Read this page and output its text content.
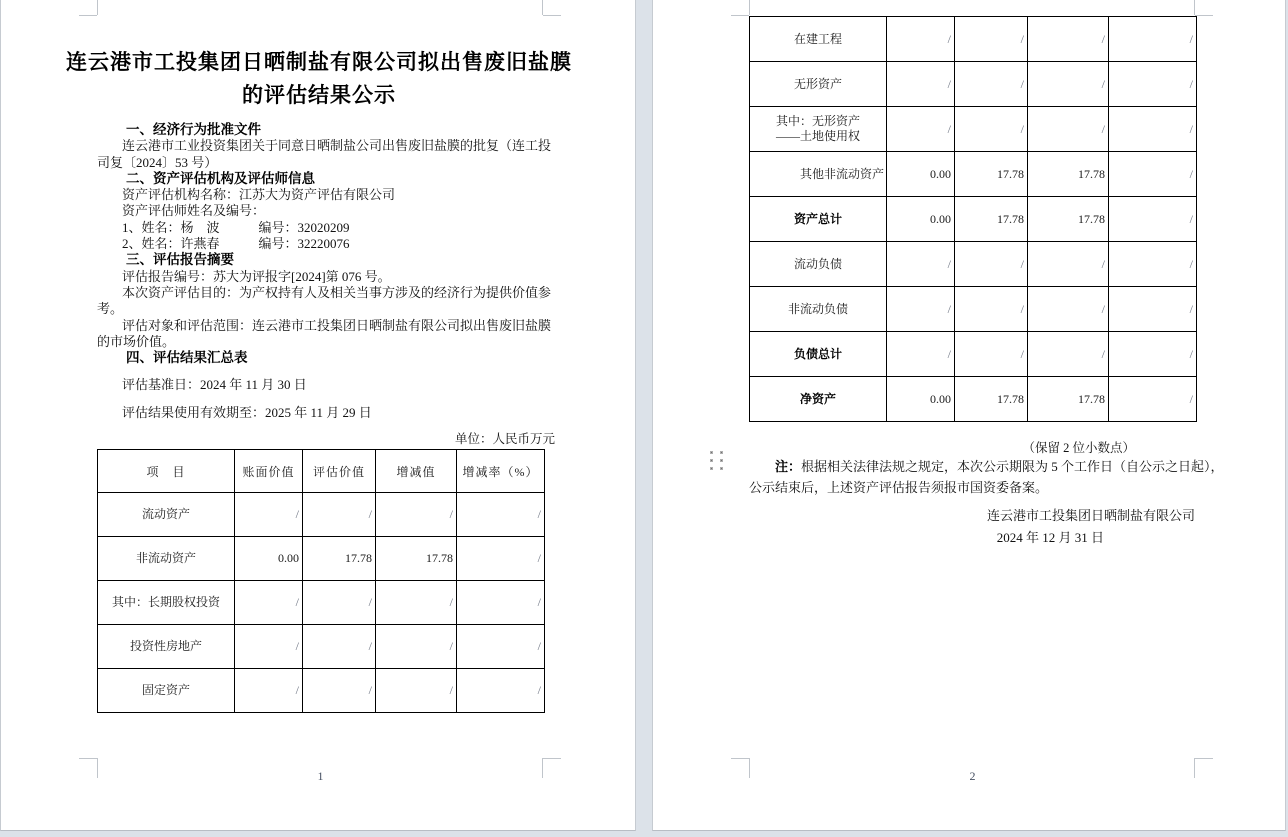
连云港市工投集团日晒制盐有限公司拟出售废旧盐膜
的评估结果公示
一、经济行为批准文件
连云港市工业投资集团关于同意日晒制盐公司出售废旧盐膜的批复（连工投
司复〔2024〕53 号）
二、资产评估机构及评估师信息
资产评估机构名称：江苏大为资产评估有限公司
资产评估师姓名及编号：
1、姓名：杨　波　　　编号：32020209
2、姓名：许燕春　　　编号：32220076
三、评估报告摘要
评估报告编号：苏大为评报字[2024]第 076 号。
本次资产评估目的：为产权持有人及相关当事方涉及的经济行为提供价值参
考。
评估对象和评估范围：连云港市工投集团日晒制盐有限公司拟出售废旧盐膜
的市场价值。
四、评估结果汇总表
评估基准日：2024 年 11 月 30 日
评估结果使用有效期至：2025 年 11 月 29 日
单位：人民币万元
项　目	账面价值	评估价值	增减值	增减率（%）
流动资产	/	/	/	/
非流动资产	0.00	17.78	17.78	/
其中：长期股权投资	/	/	/	/
投资性房地产	/	/	/	/
固定资产	/	/	/	/
1
在建工程	/	/	/	/
无形资产	/	/	/	/

其中：无形资产
——土地使用权	/	/	/	/
其他非流动资产	0.00	17.78	17.78	/
资产总计	0.00	17.78	17.78	/
流动负债	/	/	/	/
非流动负债	/	/	/	/
负债总计	/	/	/	/
净资产	0.00	17.78	17.78	/
（保留 2 位小数点）
注：根据相关法律法规之规定，本次公示期限为 5 个工作日（自公示之日起），
公示结束后，上述资产评估报告须报市国资委备案。
连云港市工投集团日晒制盐有限公司
2024 年 12 月 31 日
2
